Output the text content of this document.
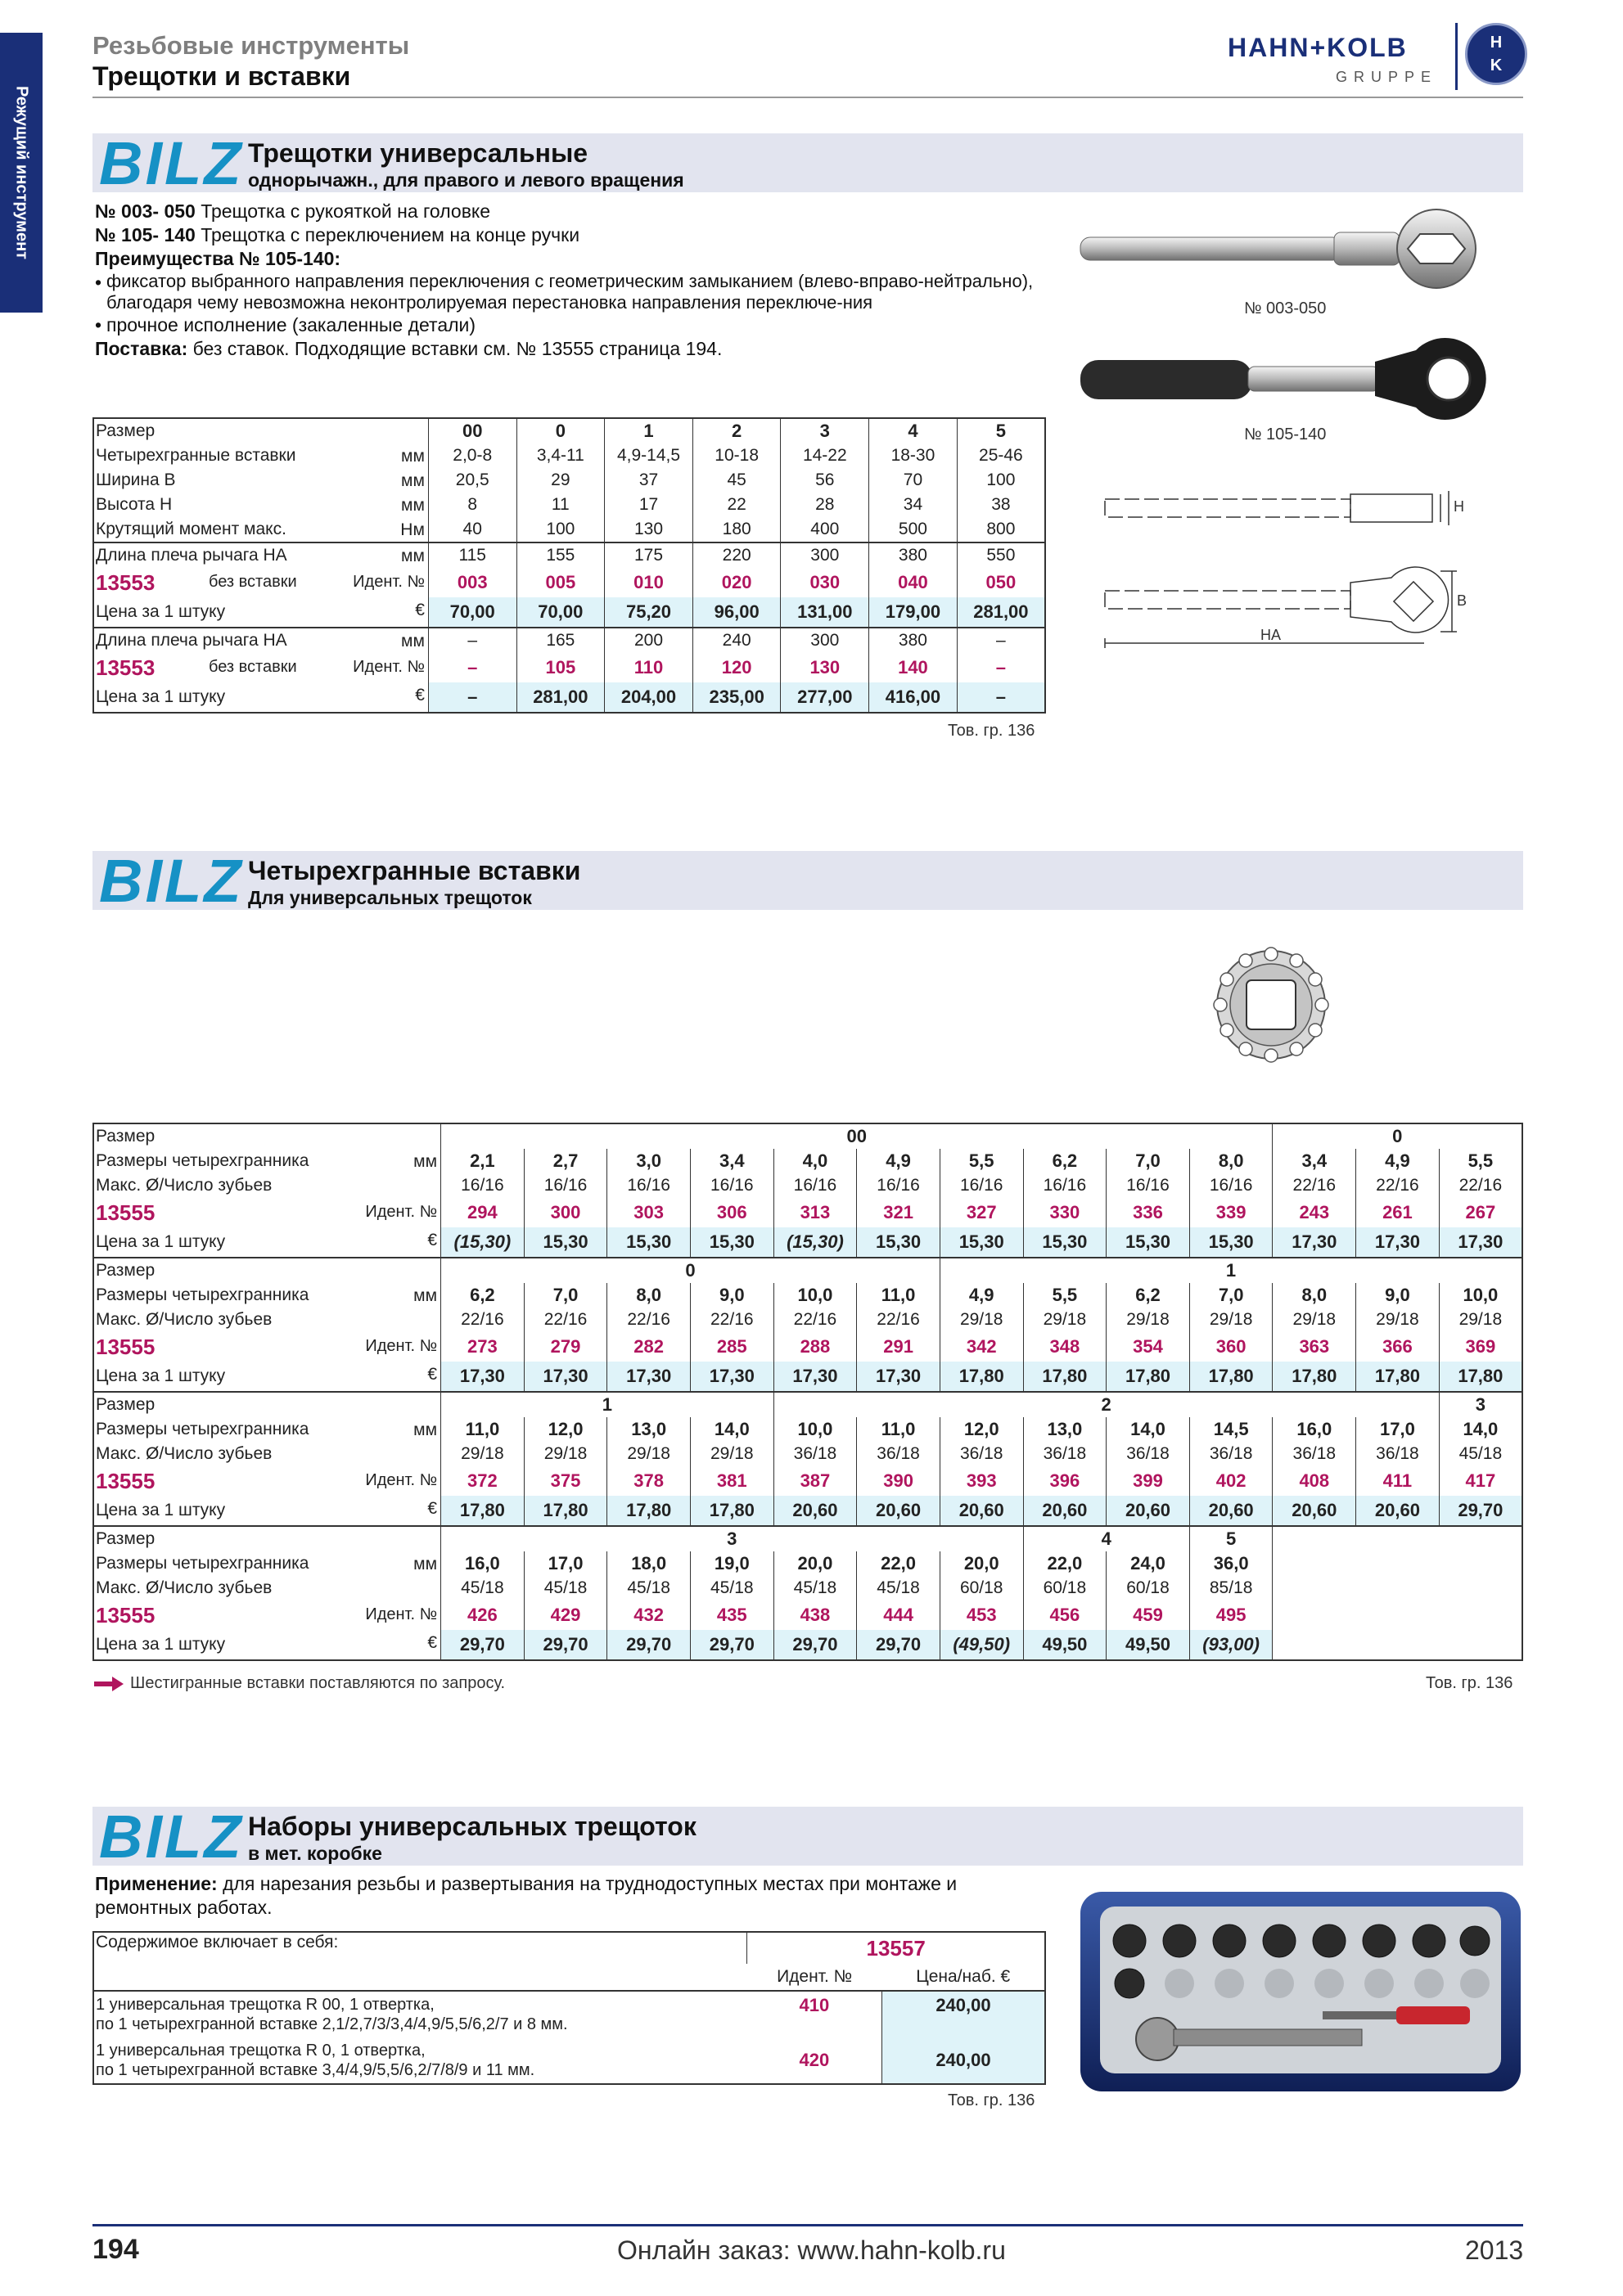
Режущий инструмент
Резьбовые инструменты
Трещотки и вставки
HAHN+KOLB
GRUPPE
H
K
BILZ Трещотки универсальные
однорычажн., для правого и левого вращения
№ 003- 050 Трещотка с рукояткой на головке
№ 105- 140 Трещотка с переключением на конце ручки
Преимущества № 105-140:
• фиксатор выбранного направления переключения с геометрическим замыканием (влево-вправо-нейтрально), благодаря чему невозможна неконтролируемая перестановка направления переключе-ния
• прочное исполнение (закаленные детали)
Поставка: без ставок. Подходящие вставки см. № 13555 страница 194.
№ 003-050
№ 105-140
H
B
HA
Размер	00	0	1	2	3	4	5
Четырехгранные вставки мм	2,0-8	3,4-11	4,9-14,5	10-18	14-22	18-30	25-46
Ширина B мм	20,5	29	37	45	56	70	100
Высота H мм	8	11	17	22	28	34	38
Крутящий момент макс. Нм	40	100	130	180	400	500	800
Длина плеча рычага HA мм	115	155	175	220	300	380	550
13553 без вставки Идент. №	003	005	010	020	030	040	050
Цена за 1 штуку €	70,00	70,00	75,20	96,00	131,00	179,00	281,00
Длина плеча рычага HA мм	–	165	200	240	300	380	–
13553 без вставки Идент. №	–	105	110	120	130	140	–
Цена за 1 штуку €	–	281,00	204,00	235,00	277,00	416,00	–
Тов. гр. 136
BILZ Четырехгранные вставки
Для универсальных трещоток
Размер	00										0		
Размеры четырехгранника мм	2,1	2,7	3,0	3,4	4,0	4,9	5,5	6,2	7,0	8,0	3,4	4,9	5,5
Макс. Ø/Число зубьев	16/16	16/16	16/16	16/16	16/16	16/16	16/16	16/16	16/16	16/16	22/16	22/16	22/16
13555 Идент. №	294	300	303	306	313	321	327	330	336	339	243	261	267
Цена за 1 штуку €	(15,30)	15,30	15,30	15,30	(15,30)	15,30	15,30	15,30	15,30	15,30	17,30	17,30	17,30
Размер	0						1						
Размеры четырехгранника мм	6,2	7,0	8,0	9,0	10,0	11,0	4,9	5,5	6,2	7,0	8,0	9,0	10,0
Макс. Ø/Число зубьев	22/16	22/16	22/16	22/16	22/16	22/16	29/18	29/18	29/18	29/18	29/18	29/18	29/18
13555 Идент. №	273	279	282	285	288	291	342	348	354	360	363	366	369
Цена за 1 штуку €	17,30	17,30	17,30	17,30	17,30	17,30	17,80	17,80	17,80	17,80	17,80	17,80	17,80
Размер	1				2								3
Размеры четырехгранника мм	11,0	12,0	13,0	14,0	10,0	11,0	12,0	13,0	14,0	14,5	16,0	17,0	14,0
Макс. Ø/Число зубьев	29/18	29/18	29/18	29/18	36/18	36/18	36/18	36/18	36/18	36/18	36/18	36/18	45/18
13555 Идент. №	372	375	378	381	387	390	393	396	399	402	408	411	417
Цена за 1 штуку €	17,80	17,80	17,80	17,80	20,60	20,60	20,60	20,60	20,60	20,60	20,60	20,60	29,70
Размер	3							4		5			
Размеры четырехгранника мм	16,0	17,0	18,0	19,0	20,0	22,0	20,0	22,0	24,0	36,0			
Макс. Ø/Число зубьев	45/18	45/18	45/18	45/18	45/18	45/18	60/18	60/18	60/18	85/18			
13555 Идент. №	426	429	432	435	438	444	453	456	459	495			
Цена за 1 штуку €	29,70	29,70	29,70	29,70	29,70	29,70	(49,50)	49,50	49,50	(93,00)			
Шестигранные вставки поставляются по запросу.	Тов. гр. 136
BILZ Наборы универсальных трещоток
в мет. коробке
Применение: для нарезания резьбы и развертывания на труднодоступных местах при монтаже и ремонтных работах.
Содержимое включает в себя:	13557	
	Идент. №	Цена/наб. €

1 универсальная трещотка R 00, 1 отвертка,
по 1 четырехгранной вставке 2,1/2,7/3/3,4/4,9/5,5/6,2/7 и 8 мм.	410	240,00

1 универсальная трещотка R 0, 1 отвертка,
по 1 четырехгранной вставке 3,4/4,9/5,5/6,2/7/8/9 и 11 мм.	420	240,00
Тов. гр. 136
194	Онлайн заказ: www.hahn-kolb.ru	2013
